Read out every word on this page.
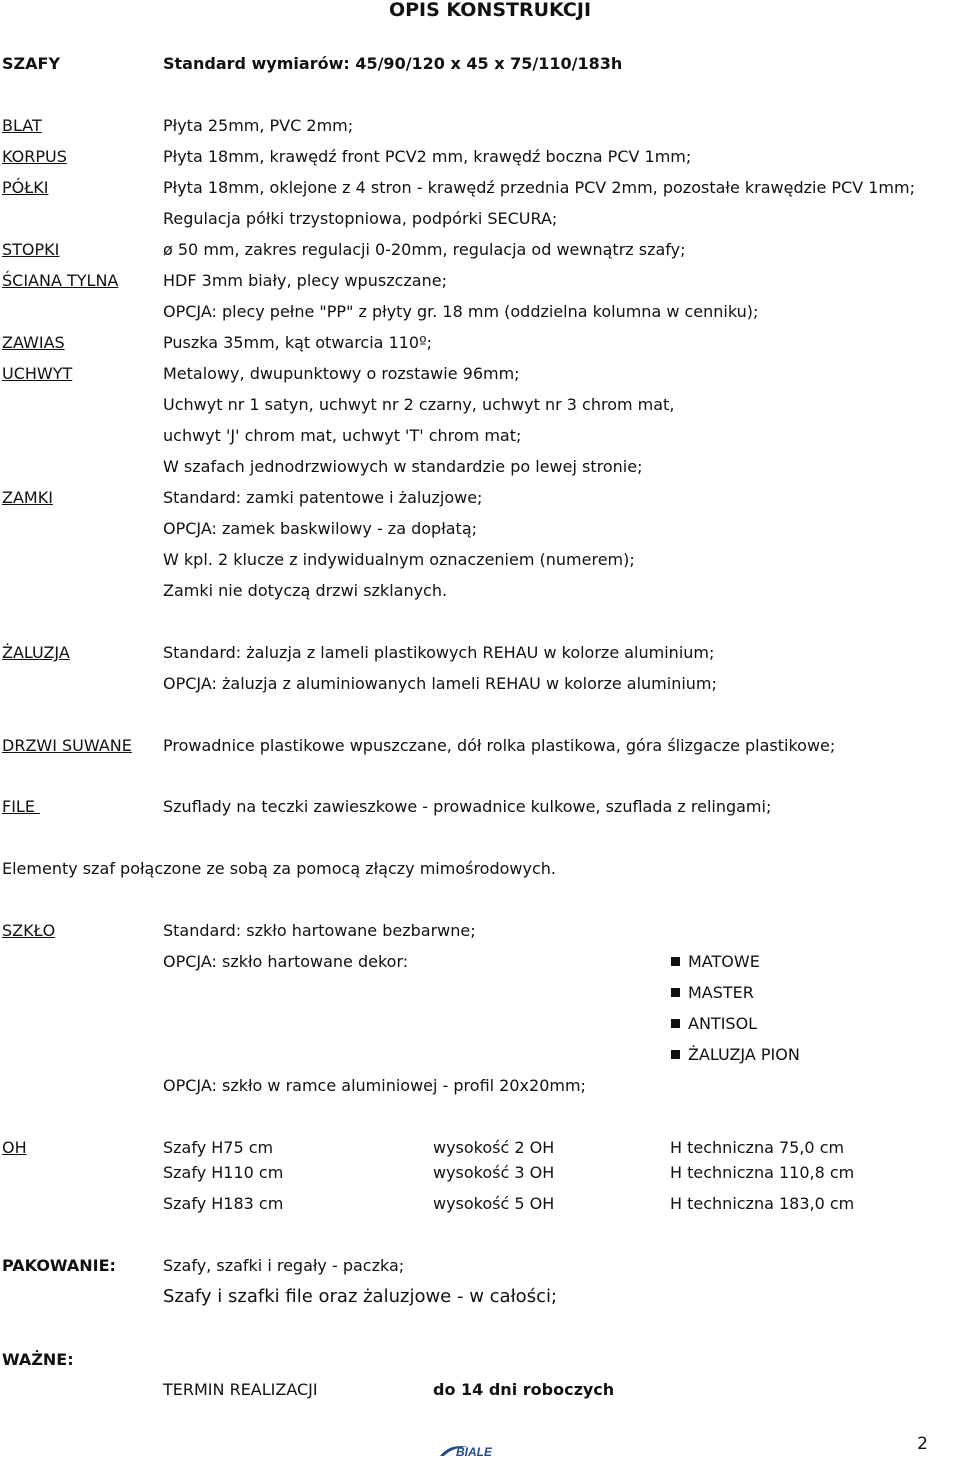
OPIS KONSTRUKCJI
SZAFY	Standard wymiarów: 45/90/120 x 45 x 75/110/183h
BLAT	Płyta 25mm, PVC 2mm;
KORPUS	Płyta 18mm, krawędź front PCV2 mm, krawędź boczna PCV 1mm;
PÓŁKI	Płyta 18mm, oklejone z 4 stron - krawędź przednia PCV 2mm, pozostałe krawędzie PCV 1mm;
Regulacja półki trzystopniowa, podpórki SECURA;
STOPKI	ø 50 mm, zakres regulacji 0-20mm, regulacja od wewnątrz szafy;
ŚCIANA TYLNA	HDF 3mm biały, plecy wpuszczane;
OPCJA: plecy pełne "PP" z płyty gr. 18 mm (oddzielna kolumna w cenniku);
ZAWIAS	Puszka 35mm, kąt otwarcia 110º;
UCHWYT	Metalowy, dwupunktowy o rozstawie 96mm;
Uchwyt nr 1 satyn, uchwyt nr 2 czarny, uchwyt nr 3 chrom mat,
uchwyt 'J' chrom mat, uchwyt 'T' chrom mat;
W szafach jednodrzwiowych w standardzie po lewej stronie;
ZAMKI	Standard: zamki patentowe i żaluzjowe;
OPCJA: zamek baskwilowy - za dopłatą;
W kpl. 2 klucze z indywidualnym oznaczeniem (numerem);
Zamki nie dotyczą drzwi szklanych.
ŻALUZJA	Standard: żaluzja z lameli plastikowych REHAU w kolorze aluminium;
OPCJA: żaluzja z aluminiowanych lameli REHAU w kolorze aluminium;
DRZWI SUWANE Prowadnice plastikowe wpuszczane, dół rolka plastikowa, góra ślizgacze plastikowe;
FILE	Szuflady na teczki zawieszkowe - prowadnice kulkowe, szuflada z relingami;
Elementy szaf połączone ze sobą za pomocą złączy mimośrodowych.
SZKŁO	Standard: szkło hartowane bezbarwne;
OPCJA: szkło hartowane dekor:	MATOWE
MASTER
ANTISOL
ŻALUZJA PION
OPCJA: szkło w ramce aluminiowej - profil 20x20mm;
OH	Szafy H75 cm	wysokość 2 OH	H techniczna 75,0 cm
Szafy H110 cm	wysokość 3 OH	H techniczna 110,8 cm
Szafy H183 cm	wysokość 5 OH	H techniczna 183,0 cm
PAKOWANIE:	Szafy, szafki i regały - paczka;
Szafy i szafki file oraz żaluzjowe - w całości;
WAŻNE:
TERMIN REALIZACJI	do 14 dni roboczych
BIALE	2
